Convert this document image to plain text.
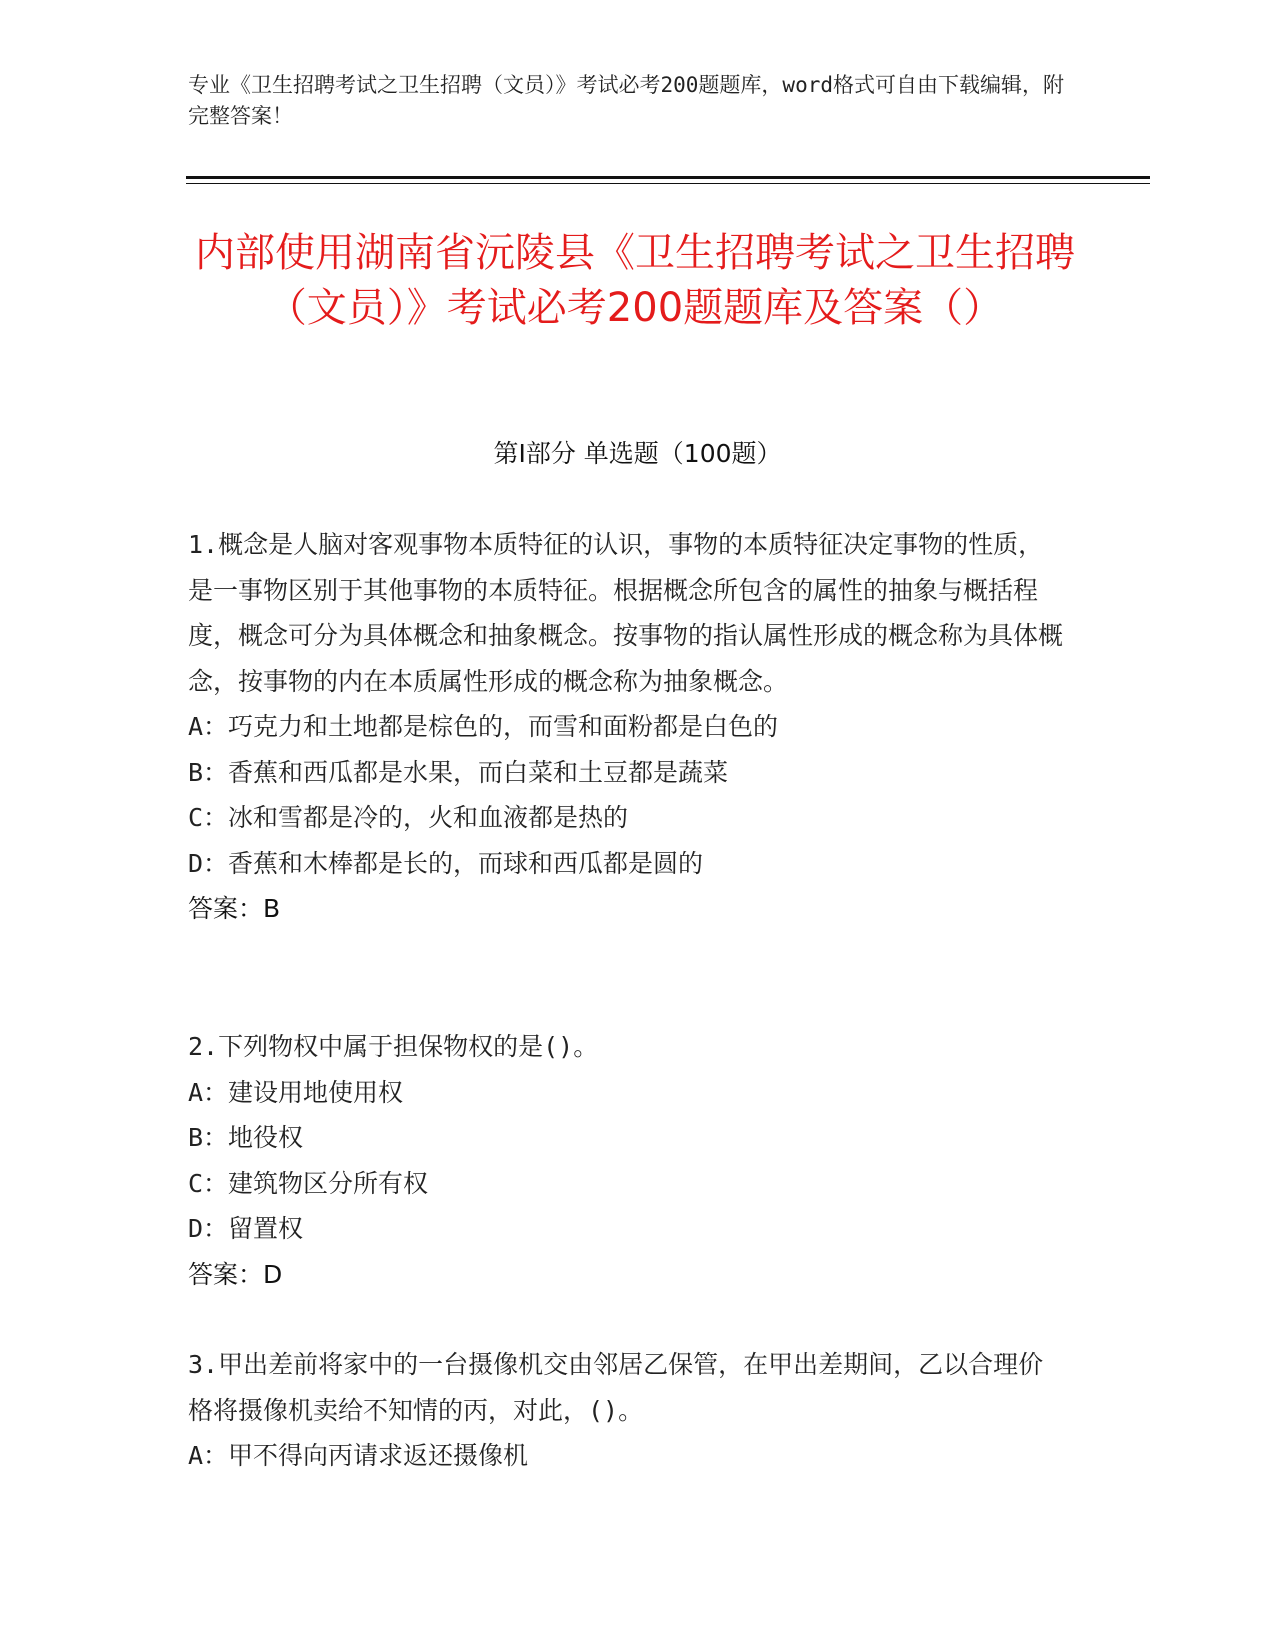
专业《卫生招聘考试之卫生招聘（文员）》考试必考200题题库，word格式可自由下载编辑，附完整答案！
内部使用湖南省沅陵县《卫生招聘考试之卫生招聘（文员）》考试必考200题题库及答案（）
第I部分 单选题（100题）

1.概念是人脑对客观事物本质特征的认识，事物的本质特征决定事物的性质，是一事物区别于其他事物的本质特征。根据概念所包含的属性的抽象与概括程度，概念可分为具体概念和抽象概念。按事物的指认属性形成的概念称为具体概念，按事物的内在本质属性形成的概念称为抽象概念。

A：巧克力和土地都是棕色的，而雪和面粉都是白色的

B：香蕉和西瓜都是水果，而白菜和土豆都是蔬菜

C：冰和雪都是冷的，火和血液都是热的

D：香蕉和木棒都是长的，而球和西瓜都是圆的

答案：B

2.下列物权中属于担保物权的是()。

A：建设用地使用权

B：地役权

C：建筑物区分所有权

D：留置权

答案：D

3.甲出差前将家中的一台摄像机交由邻居乙保管，在甲出差期间，乙以合理价格将摄像机卖给不知情的丙，对此，()。

A：甲不得向丙请求返还摄像机
